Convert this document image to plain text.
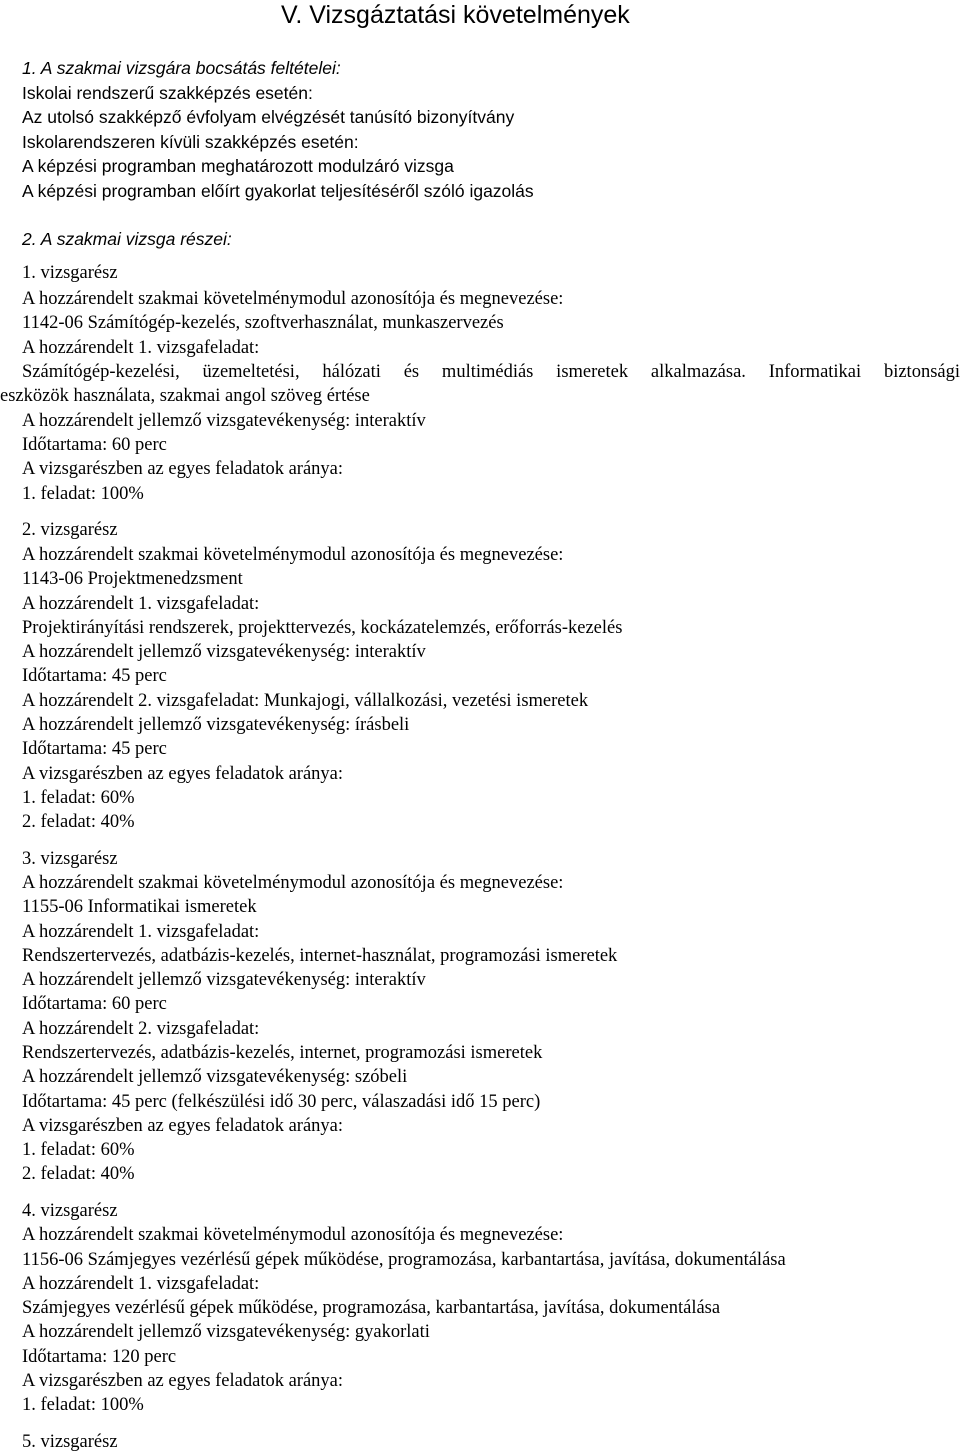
V. Vizsgáztatási követelmények
1. A szakmai vizsgára bocsátás feltételei:
Iskolai rendszerű szakképzés esetén:
Az utolsó szakképző évfolyam elvégzését tanúsító bizonyítvány
Iskolarendszeren kívüli szakképzés esetén:
A képzési programban meghatározott modulzáró vizsga
A képzési programban előírt gyakorlat teljesítéséről szóló igazolás
2. A szakmai vizsga részei:
1. vizsgarész
A hozzárendelt szakmai követelménymodul azonosítója és megnevezése:
1142-06 Számítógép-kezelés, szoftverhasználat, munkaszervezés
A hozzárendelt 1. vizsgafeladat:
Számítógép-kezelési, üzemeltetési, hálózati és multimédiás ismeretek alkalmazása. Informatikai biztonsági
eszközök használata, szakmai angol szöveg értése
A hozzárendelt jellemző vizsgatevékenység: interaktív
Időtartama: 60 perc
A vizsgarészben az egyes feladatok aránya:
1. feladat: 100%
2. vizsgarész
A hozzárendelt szakmai követelménymodul azonosítója és megnevezése:
1143-06 Projektmenedzsment
A hozzárendelt 1. vizsgafeladat:
Projektirányítási rendszerek, projekttervezés, kockázatelemzés, erőforrás-kezelés
A hozzárendelt jellemző vizsgatevékenység: interaktív
Időtartama: 45 perc
A hozzárendelt 2. vizsgafeladat: Munkajogi, vállalkozási, vezetési ismeretek
A hozzárendelt jellemző vizsgatevékenység: írásbeli
Időtartama: 45 perc
A vizsgarészben az egyes feladatok aránya:
1. feladat: 60%
2. feladat: 40%
3. vizsgarész
A hozzárendelt szakmai követelménymodul azonosítója és megnevezése:
1155-06 Informatikai ismeretek
A hozzárendelt 1. vizsgafeladat:
Rendszertervezés, adatbázis-kezelés, internet-használat, programozási ismeretek
A hozzárendelt jellemző vizsgatevékenység: interaktív
Időtartama: 60 perc
A hozzárendelt 2. vizsgafeladat:
Rendszertervezés, adatbázis-kezelés, internet, programozási ismeretek
A hozzárendelt jellemző vizsgatevékenység: szóbeli
Időtartama: 45 perc (felkészülési idő 30 perc, válaszadási idő 15 perc)
A vizsgarészben az egyes feladatok aránya:
1. feladat: 60%
2. feladat: 40%
4. vizsgarész
A hozzárendelt szakmai követelménymodul azonosítója és megnevezése:
1156-06 Számjegyes vezérlésű gépek működése, programozása, karbantartása, javítása, dokumentálása
A hozzárendelt 1. vizsgafeladat:
Számjegyes vezérlésű gépek működése, programozása, karbantartása, javítása, dokumentálása
A hozzárendelt jellemző vizsgatevékenység: gyakorlati
Időtartama: 120 perc
A vizsgarészben az egyes feladatok aránya:
1. feladat: 100%
5. vizsgarész
